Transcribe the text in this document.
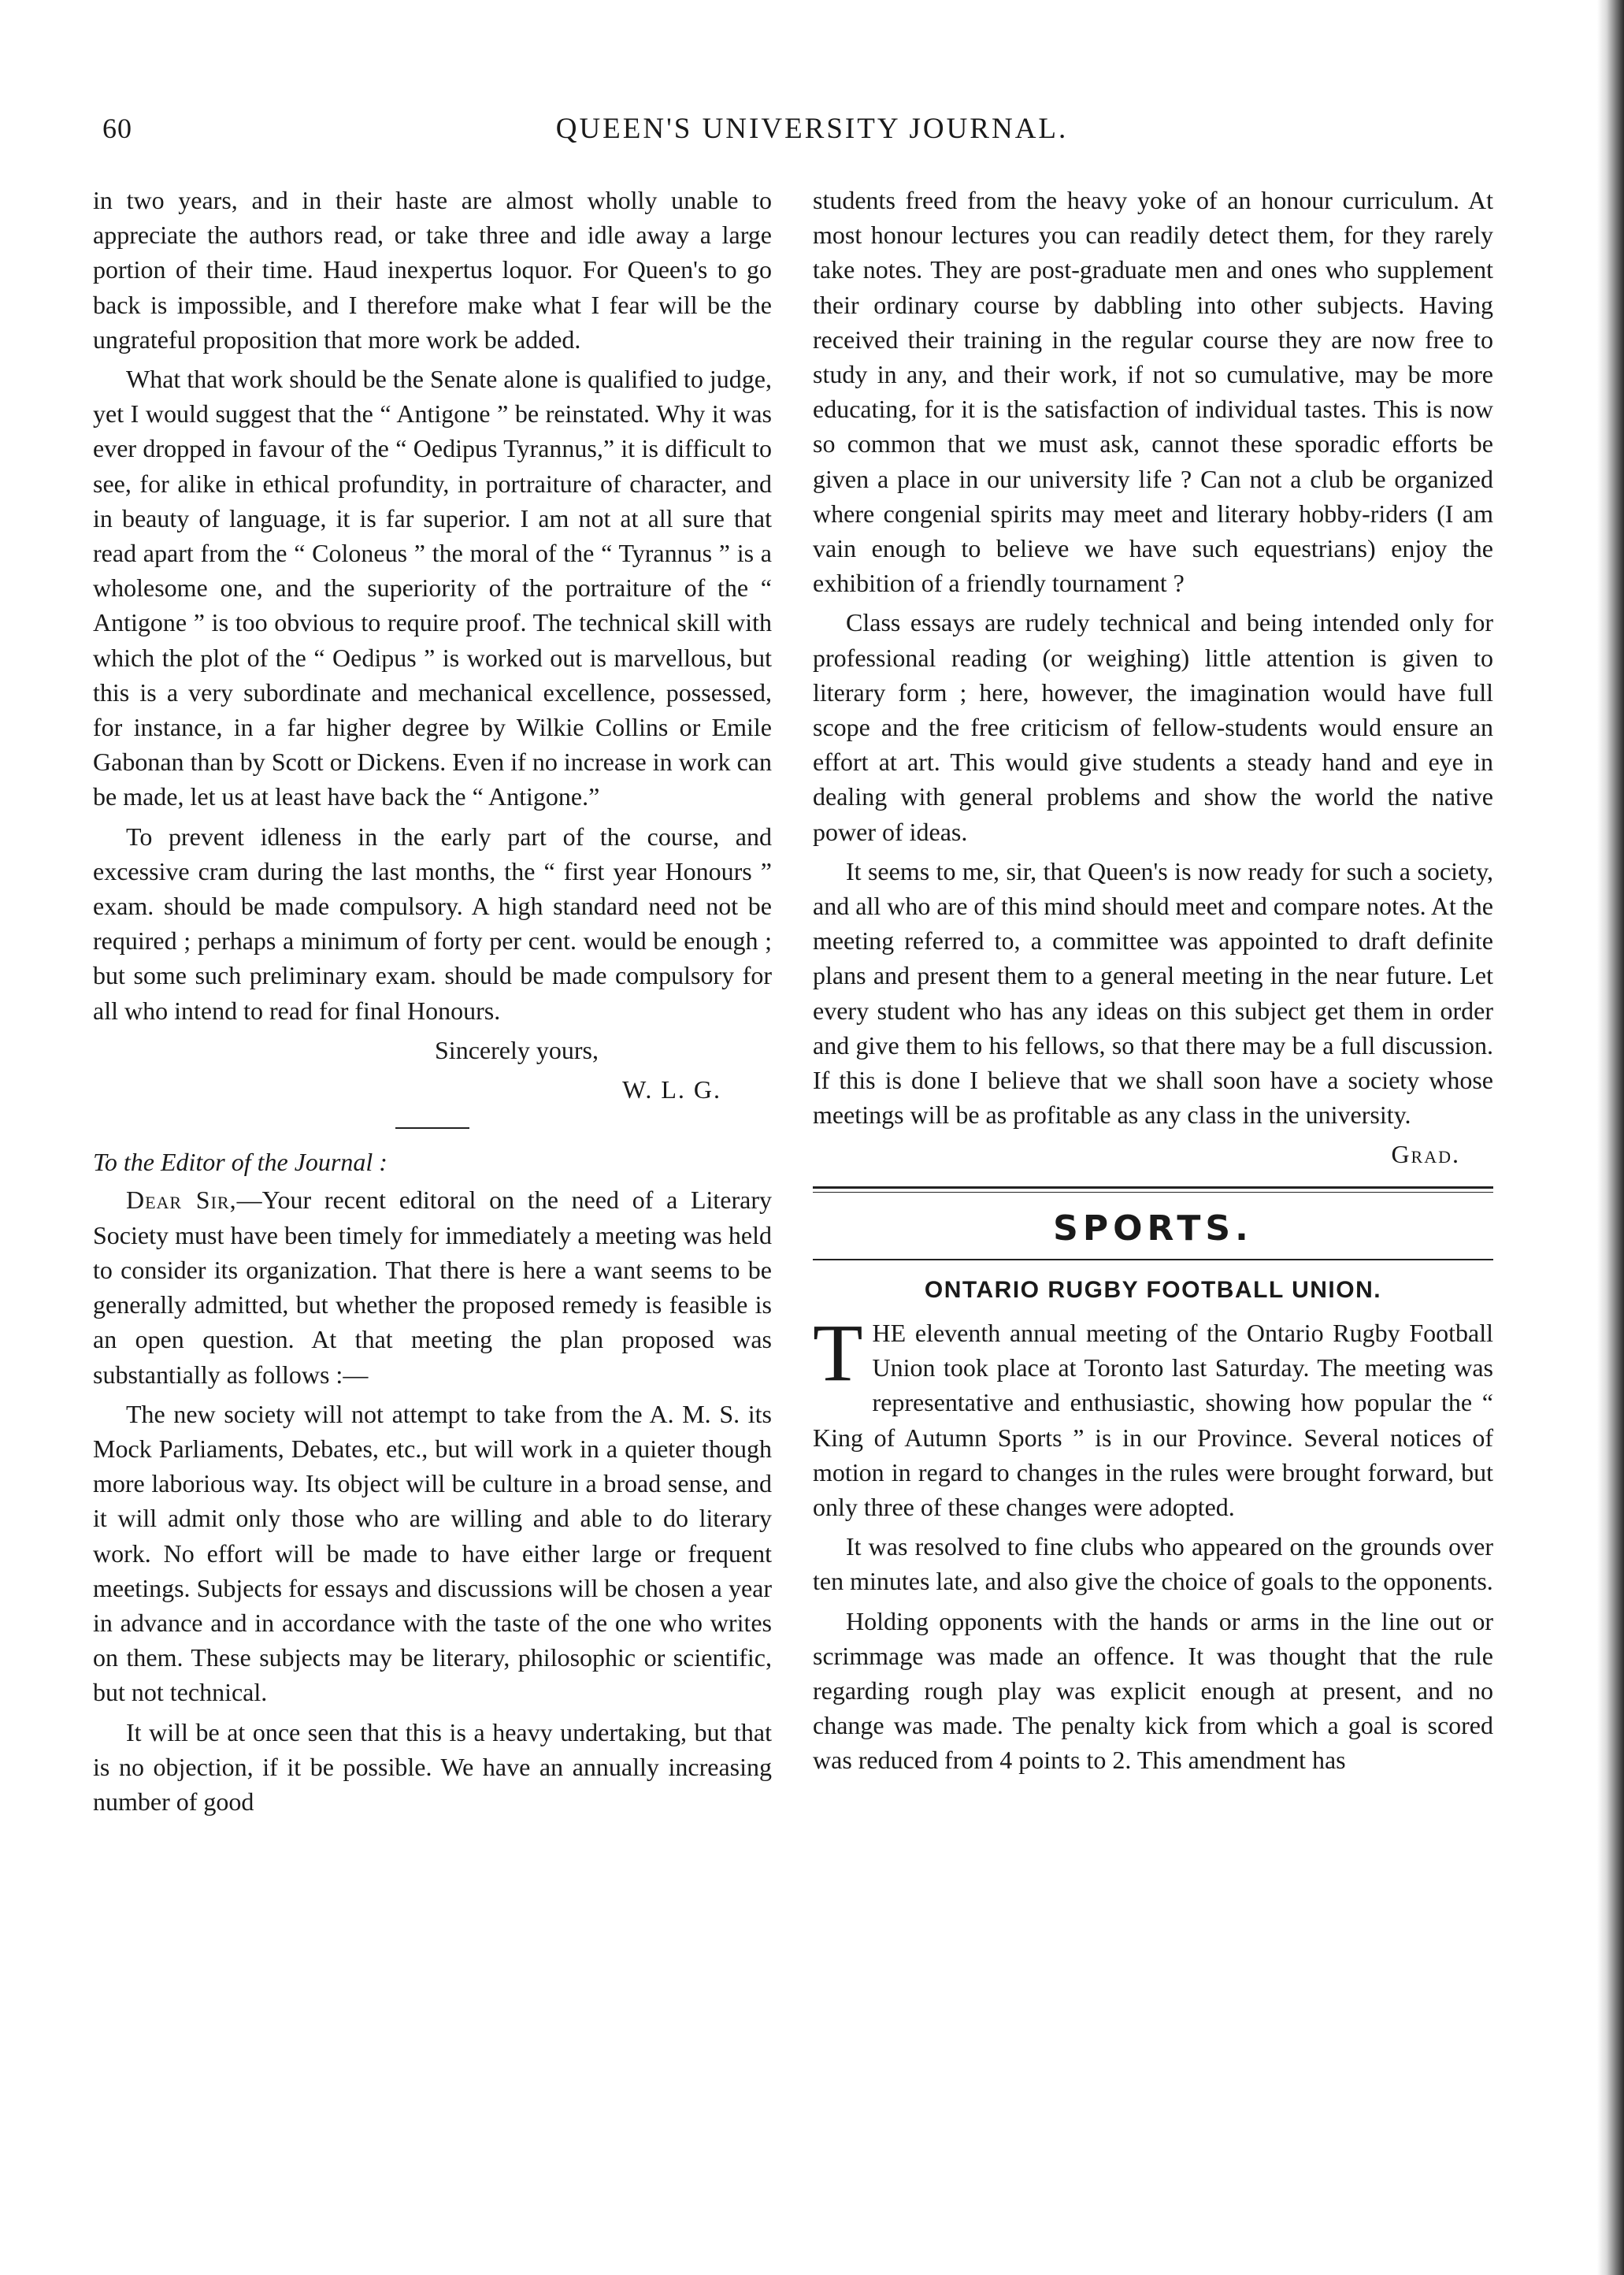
60	QUEEN'S UNIVERSITY JOURNAL.

in two years, and in their haste are almost wholly unable to appreciate the authors read, or take three and idle away a large portion of their time. Haud inexpertus loquor. For Queen's to go back is impossible, and I therefore make what I fear will be the ungrateful proposition that more work be added.

What that work should be the Senate alone is qualified to judge, yet I would suggest that the “ Antigone ” be reinstated. Why it was ever dropped in favour of the “ Oedipus Tyrannus,” it is difficult to see, for alike in ethical profundity, in portraiture of character, and in beauty of language, it is far superior. I am not at all sure that read apart from the “ Coloneus ” the moral of the “ Tyrannus ” is a wholesome one, and the superiority of the portraiture of the “ Antigone ” is too obvious to require proof. The technical skill with which the plot of the “ Oedipus ” is worked out is marvellous, but this is a very subordinate and mechanical excellence, possessed, for instance, in a far higher degree by Wilkie Collins or Emile Gabonan than by Scott or Dickens. Even if no increase in work can be made, let us at least have back the “ Antigone.”

To prevent idleness in the early part of the course, and excessive cram during the last months, the “ first year Honours ” exam. should be made compulsory. A high standard need not be required ; perhaps a minimum of forty per cent. would be enough ; but some such preliminary exam. should be made compulsory for all who intend to read for final Honours.

Sincerely yours,

W. L. G.

To the Editor of the Journal :

Dear Sir,—Your recent editoral on the need of a Literary Society must have been timely for immediately a meeting was held to consider its organization. That there is here a want seems to be generally admitted, but whether the proposed remedy is feasible is an open question. At that meeting the plan proposed was substantially as follows :—

The new society will not attempt to take from the A. M. S. its Mock Parliaments, Debates, etc., but will work in a quieter though more laborious way. Its object will be culture in a broad sense, and it will admit only those who are willing and able to do literary work. No effort will be made to have either large or frequent meetings. Subjects for essays and discussions will be chosen a year in advance and in accordance with the taste of the one who writes on them. These subjects may be literary, philosophic or scientific, but not technical.

It will be at once seen that this is a heavy undertaking, but that is no objection, if it be possible. We have an annually increasing number of good

students freed from the heavy yoke of an honour curriculum. At most honour lectures you can readily detect them, for they rarely take notes. They are post-graduate men and ones who supplement their ordinary course by dabbling into other subjects. Having received their training in the regular course they are now free to study in any, and their work, if not so cumulative, may be more educating, for it is the satisfaction of individual tastes. This is now so common that we must ask, cannot these sporadic efforts be given a place in our university life ? Can not a club be organized where congenial spirits may meet and literary hobby-riders (I am vain enough to believe we have such equestrians) enjoy the exhibition of a friendly tournament ?

Class essays are rudely technical and being intended only for professional reading (or weighing) little attention is given to literary form ; here, however, the imagination would have full scope and the free criticism of fellow-students would ensure an effort at art. This would give students a steady hand and eye in dealing with general problems and show the world the native power of ideas.

It seems to me, sir, that Queen's is now ready for such a society, and all who are of this mind should meet and compare notes. At the meeting referred to, a committee was appointed to draft definite plans and present them to a general meeting in the near future. Let every student who has any ideas on this subject get them in order and give them to his fellows, so that there may be a full discussion. If this is done I believe that we shall soon have a society whose meetings will be as profitable as any class in the university.

Grad.

SPORTS.
ONTARIO RUGBY FOOTBALL UNION.

THE eleventh annual meeting of the Ontario Rugby Football Union took place at Toronto last Saturday. The meeting was representative and enthusiastic, showing how popular the “ King of Autumn Sports ” is in our Province. Several notices of motion in regard to changes in the rules were brought forward, but only three of these changes were adopted.

It was resolved to fine clubs who appeared on the grounds over ten minutes late, and also give the choice of goals to the opponents.

Holding opponents with the hands or arms in the line out or scrimmage was made an offence. It was thought that the rule regarding rough play was explicit enough at present, and no change was made. The penalty kick from which a goal is scored was reduced from 4 points to 2. This amendment has
